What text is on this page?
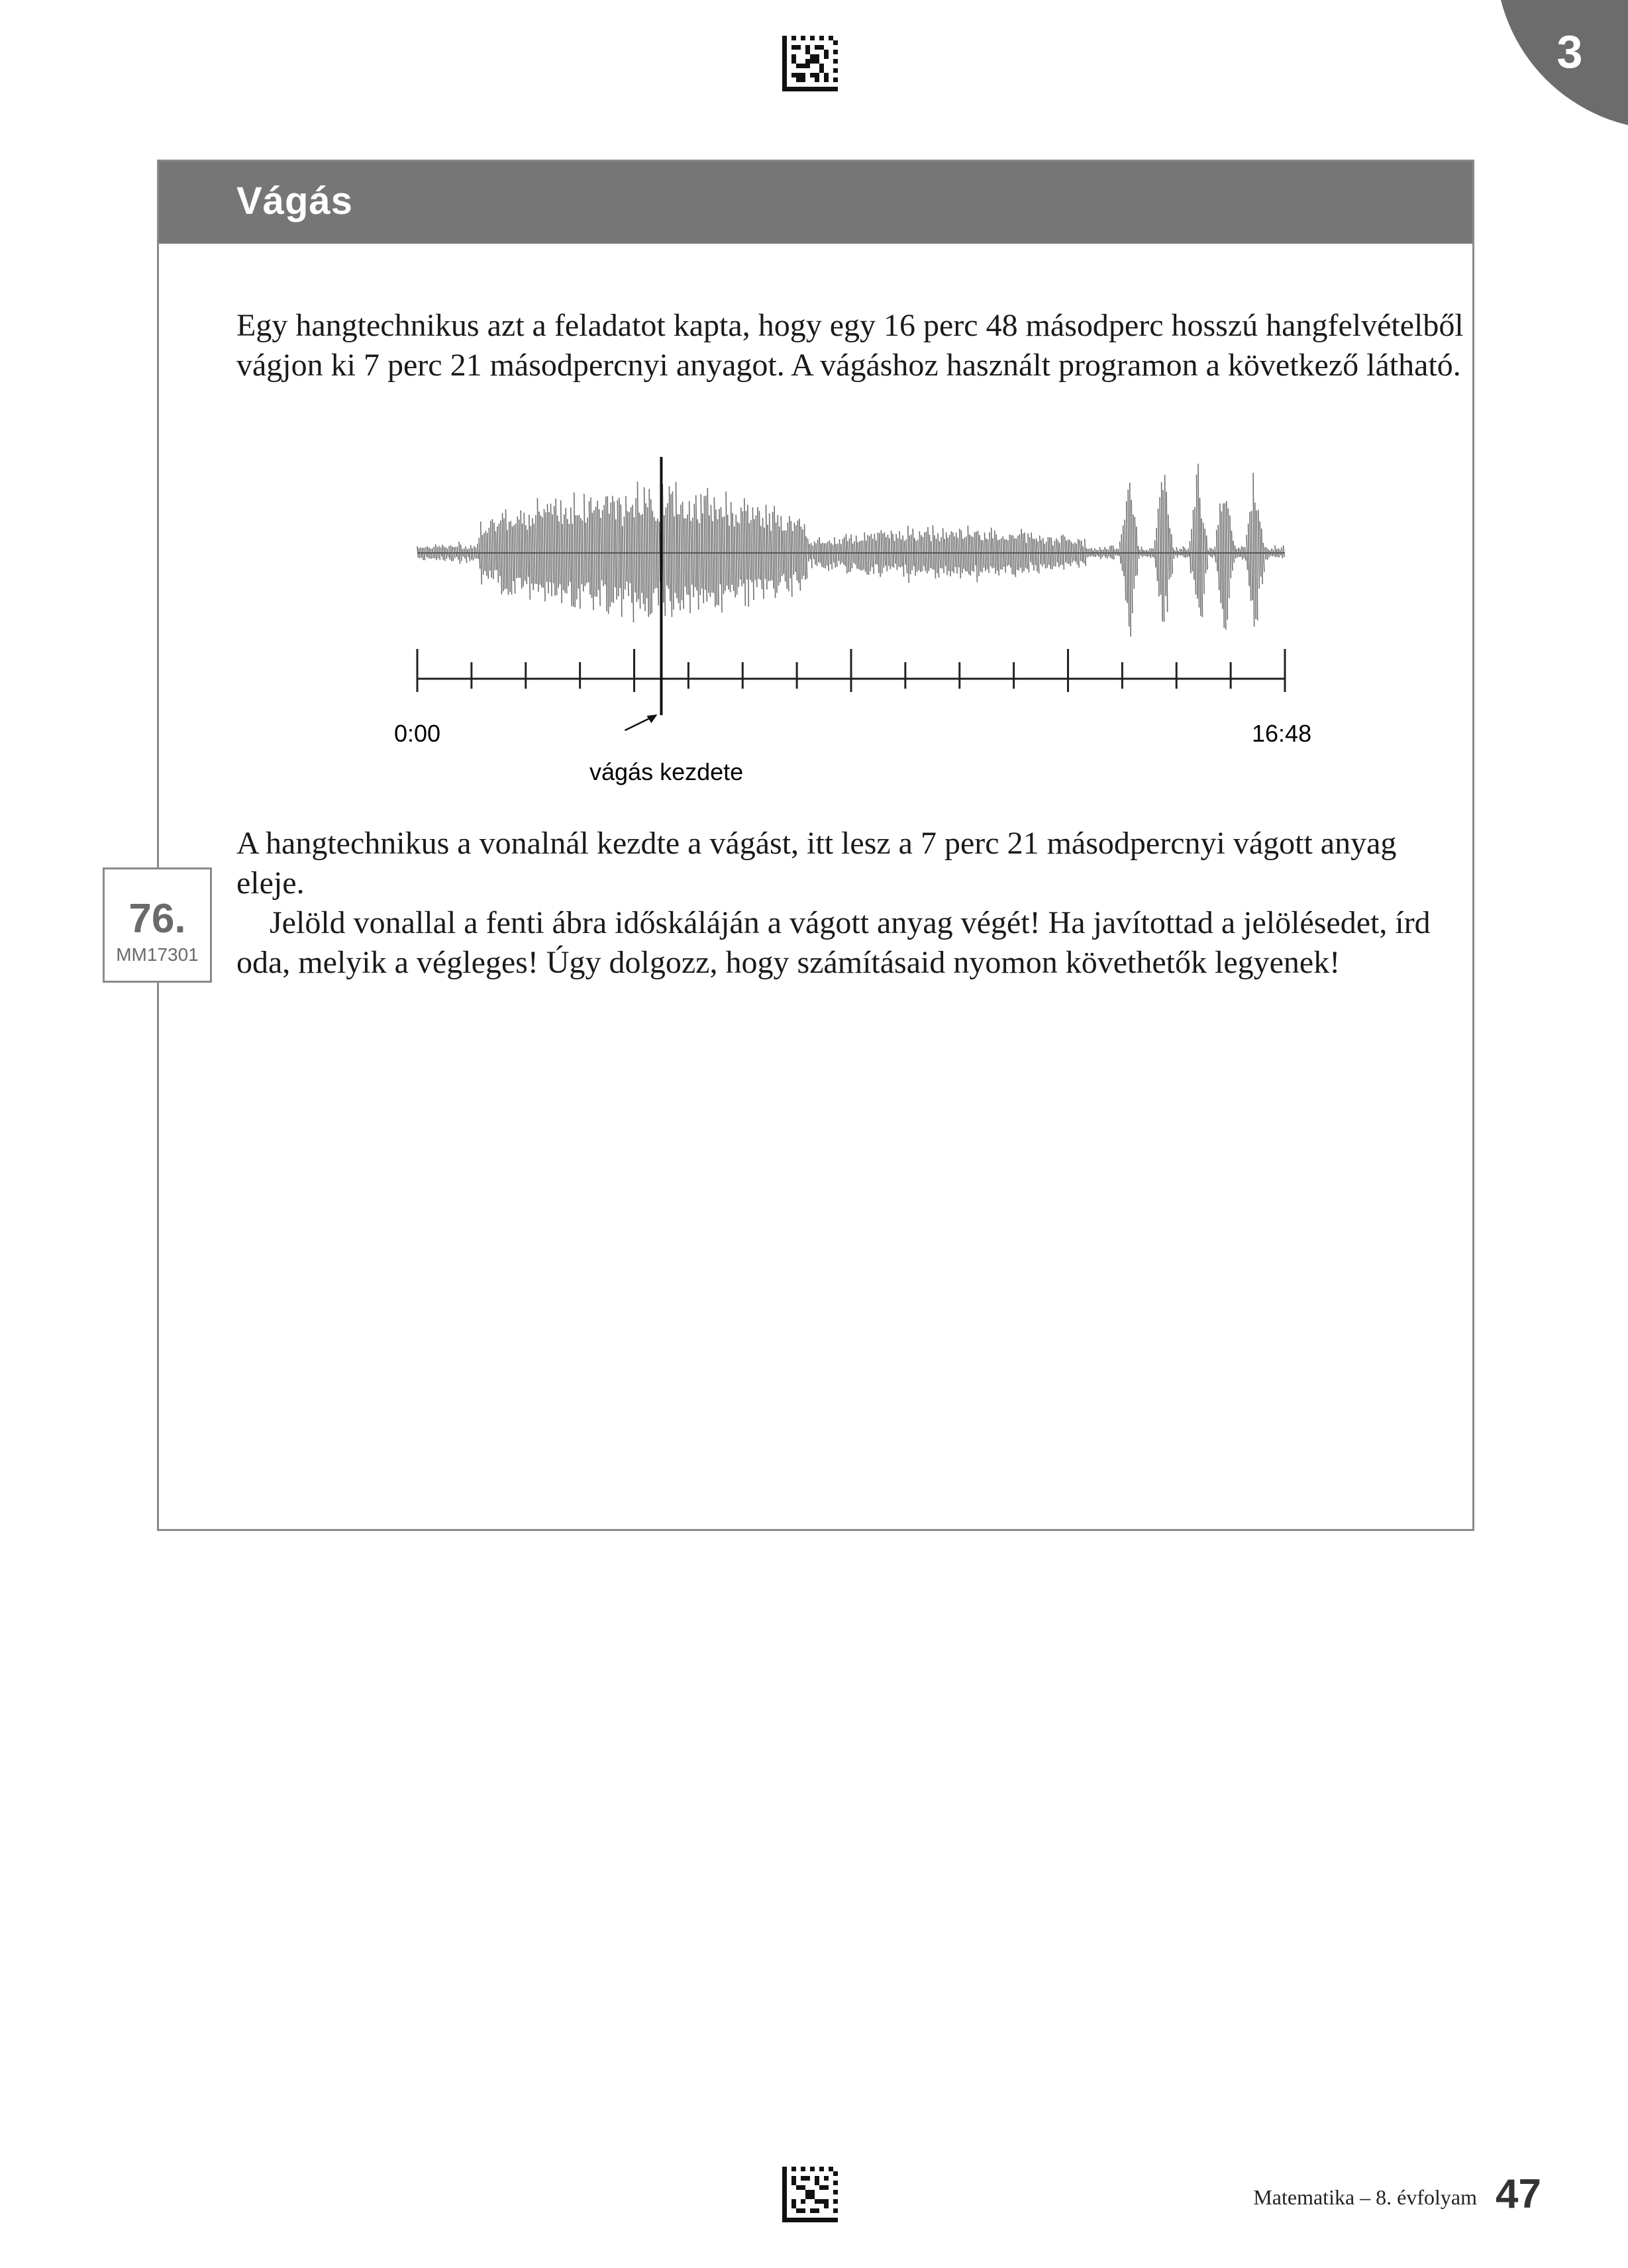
3
Vágás

Egy hangtechnikus azt a feladatot kapta, hogy egy 16 perc 48 másodperc hosszú hangfelvételből vágjon ki 7 perc 21 másodpercnyi anyagot. A vágáshoz használt programon a következő látható.

0:00	16:48
vágás kezdete

A hangtechnikus a vonalnál kezdte a vágást, itt lesz a 7 perc 21 másodpercnyi vágott anyag eleje.

Jelöld vonallal a fenti ábra időskáláján a vágott anyag végét! Ha javítottad a jelölésedet, írd oda, melyik a végleges! Úgy dolgozz, hogy számításaid nyomon követhetők legyenek!

76.
MM17301
Matematika – 8. évfolyam 47
